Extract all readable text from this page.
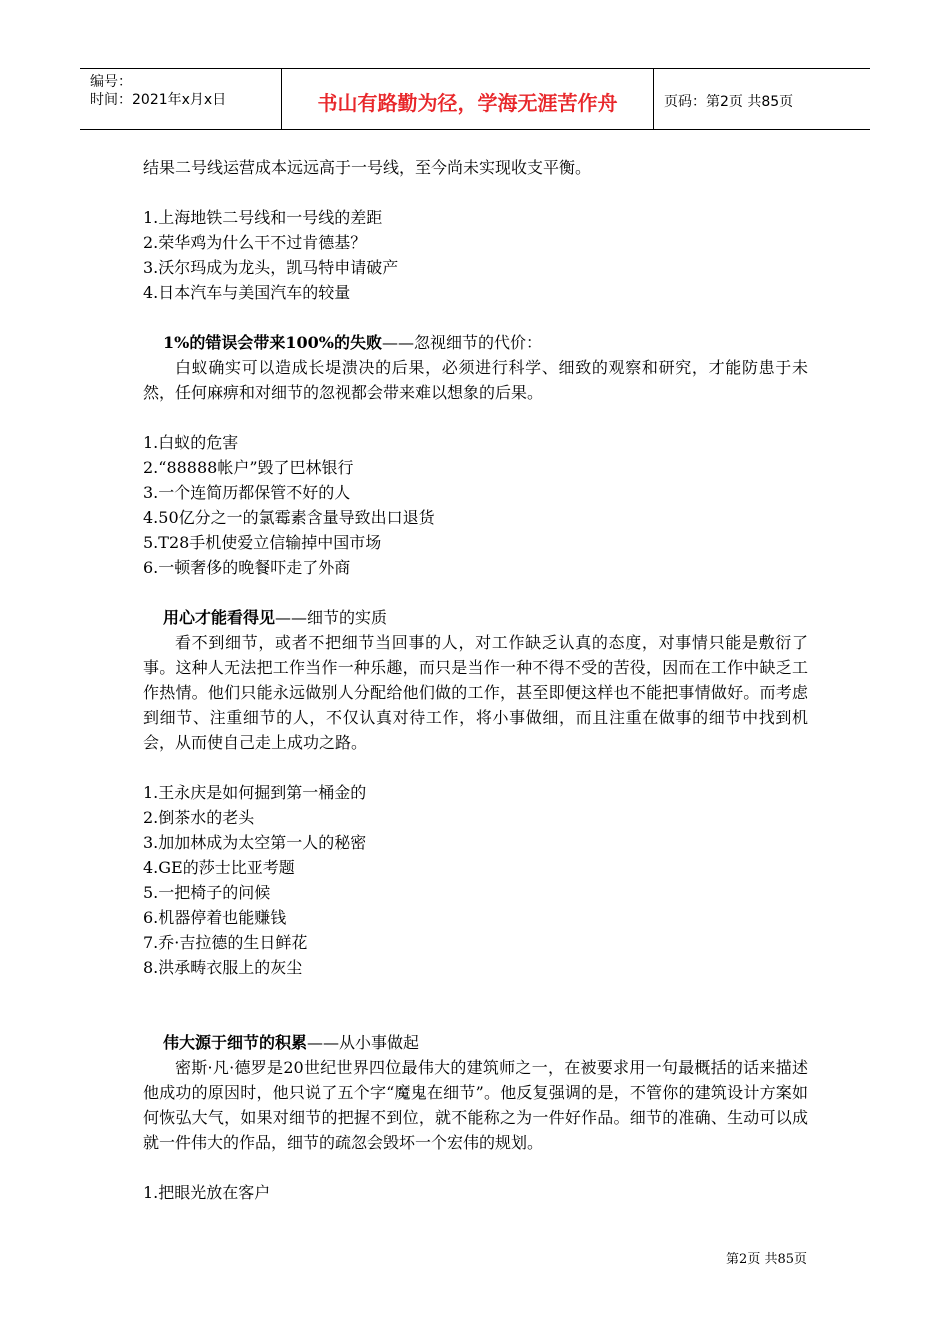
编号：
时间：2021年x月x日	书山有路勤为径，学海无涯苦作舟	页码：第2页 共85页

结果二号线运营成本远远高于一号线，至今尚未实现收支平衡。

1.上海地铁二号线和一号线的差距

2.荣华鸡为什么干不过肯德基？

3.沃尔玛成为龙头，凯马特申请破产

4.日本汽车与美国汽车的较量

1%的错误会带来100%的失败——忽视细节的代价：

白蚁确实可以造成长堤溃决的后果，必须进行科学、细致的观察和研究，才能防患于未然，任何麻痹和对细节的忽视都会带来难以想象的后果。

1.白蚁的危害

2.“88888帐户”毁了巴林银行

3.一个连简历都保管不好的人

4.50亿分之一的氯霉素含量导致出口退货

5.T28手机使爱立信输掉中国市场

6.一顿奢侈的晚餐吓走了外商

用心才能看得见——细节的实质

看不到细节，或者不把细节当回事的人，对工作缺乏认真的态度，对事情只能是敷衍了事。这种人无法把工作当作一种乐趣，而只是当作一种不得不受的苦役，因而在工作中缺乏工作热情。他们只能永远做别人分配给他们做的工作，甚至即便这样也不能把事情做好。而考虑到细节、注重细节的人，不仅认真对待工作，将小事做细，而且注重在做事的细节中找到机会，从而使自己走上成功之路。

1.王永庆是如何掘到第一桶金的

2.倒茶水的老头

3.加加林成为太空第一人的秘密

4.GE的莎士比亚考题

5.一把椅子的问候

6.机器停着也能赚钱

7.乔·吉拉德的生日鲜花

8.洪承畴衣服上的灰尘

伟大源于细节的积累——从小事做起

密斯·凡·德罗是20世纪世界四位最伟大的建筑师之一，在被要求用一句最概括的话来描述他成功的原因时，他只说了五个字“魔鬼在细节”。他反复强调的是，不管你的建筑设计方案如何恢弘大气，如果对细节的把握不到位，就不能称之为一件好作品。细节的准确、生动可以成就一件伟大的作品，细节的疏忽会毁坏一个宏伟的规划。

1.把眼光放在客户

第2页 共85页
